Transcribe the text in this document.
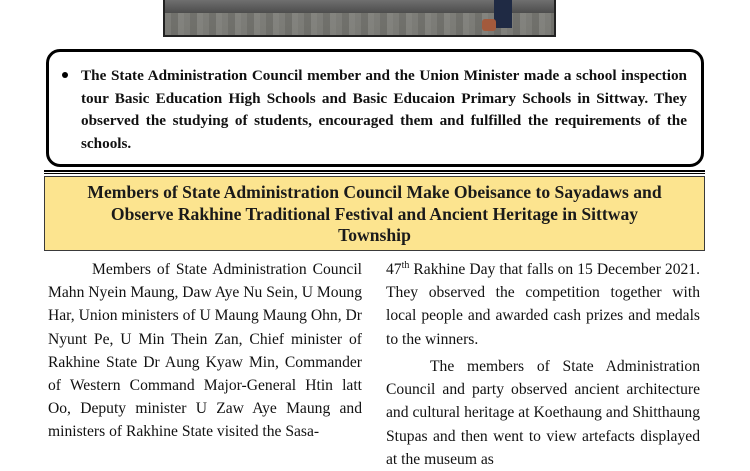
The State Administration Council member and the Union Minister made a school inspection tour Basic Education High Schools and Basic Educaion Primary Schools in Sittway. They observed the studying of students, encouraged them and fulfilled the requirements of the schools.

Members of State Administration Council Make Obeisance to Sayadaws and Observe Rakhine Traditional Festival and Ancient Heritage in Sittway Township

Members of State Administration Council Mahn Nyein Maung, Daw Aye Nu Sein, U Moung Har, Union ministers of U Maung Maung Ohn, Dr Nyunt Pe, U Min Thein Zan, Chief minister of Rakhine State Dr Aung Kyaw Min, Commander of Western Command Major-General Htin latt Oo, Deputy minister U Zaw Aye Maung and ministers of Rakhine State visited the Sasa-

47th Rakhine Day that falls on 15 December 2021. They observed the competition together with local people and awarded cash prizes and medals to the winners.

The members of State Administration Council and party observed ancient architecture and cultural heritage at Koethaung and Shitthaung Stupas and then went to view artefacts displayed at the museum as
